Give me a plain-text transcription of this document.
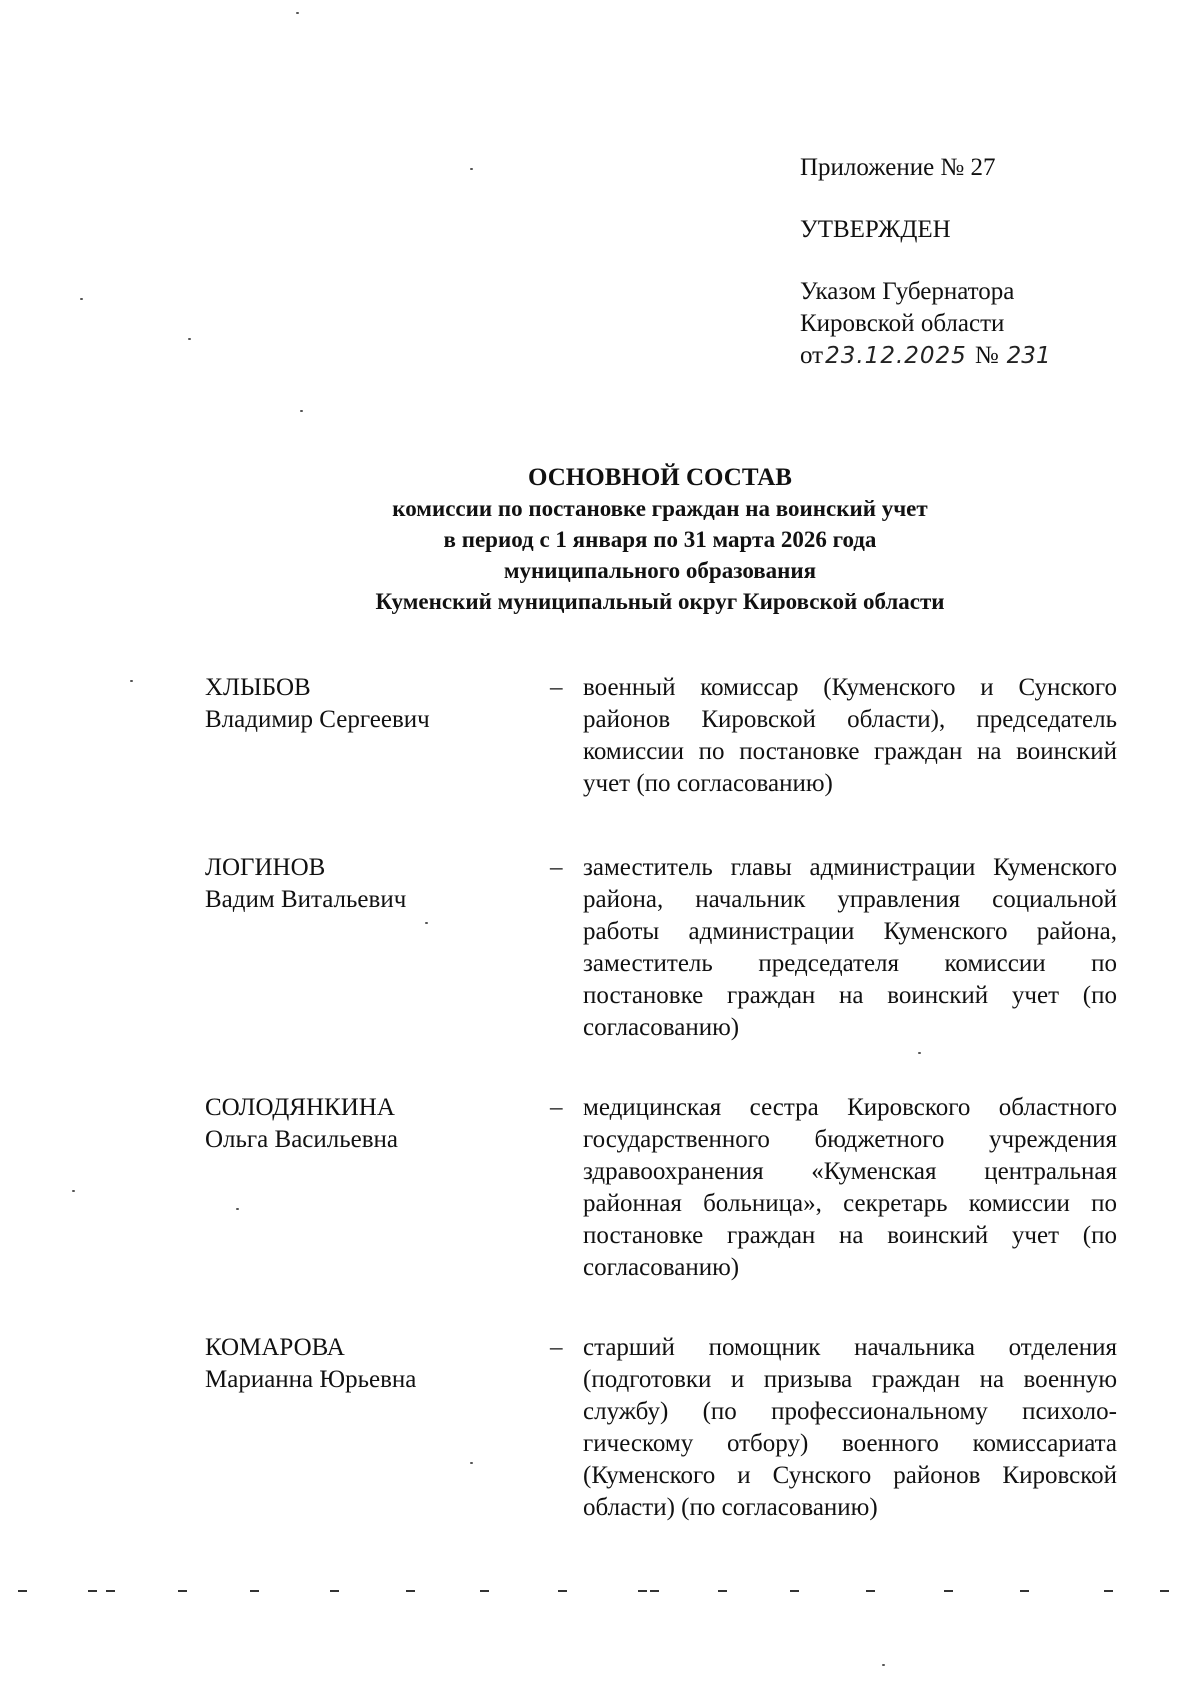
Приложение № 27

УТВЕРЖДЕН

Указом Губернатора

Кировской области

от23.12.2025 № 231

ОСНОВНОЙ СОСТАВ
комиссии по постановке граждан на воинский учет
в период с 1 января по 31 марта 2026 года
муниципального образования
Куменский муниципальный округ Кировской области
ХЛЫБОВ
Владимир Сергеевич
– военный комиссар (Куменского и Сунского районов Кировской области), председатель комиссии по постановке граждан на воинский учет (по согласованию)
ЛОГИНОВ
Вадим Витальевич
– заместитель главы администрации Куменского района, начальник управления социальной работы администрации Куменского района, заместитель председателя комиссии по постановке граждан на воинский учет (по согласованию)
СОЛОДЯНКИНА
Ольга Васильевна
– медицинская сестра Кировского областного государственного бюджетного учреждения здравоохранения «Куменская центральная районная больница», секретарь комиссии по постановке граждан на воинский учет (по согласованию)
КОМАРОВА
Марианна Юрьевна
– старший помощник начальника отделения (подготовки и призыва граждан на военную службу) (по профессиональному психологическому отбору) военного комиссариата (Куменского и Сунского районов Кировской области) (по согласованию)
